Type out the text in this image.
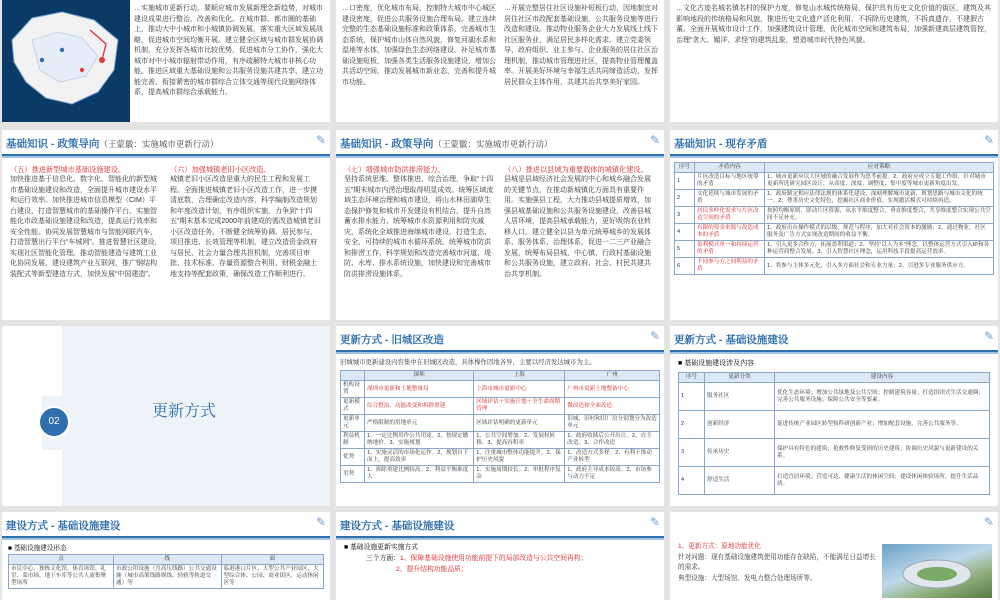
…实施城市更新行动，要顺应城市发展新理念新趋势，对城市建设成果进行整治、改善和优化。在城市群、都市圈的基础上，推动大中小城市和小城镇协调发展，落实重大区域发展战略，促进城市空间均衡开展。建立健全区域与城市群发展协调机制，充分发挥各城市比较优势，促进城市分工协作，强化大城市对中小城市辐射带动作用，有序疏解特大城市非核心功能。推进区域重大基础设施和公共服务设施共建共享，建立功能完善、衔接紧密的城市群综合立体交通等现代设施网络体系，提高城市群综合承载能力。
…口密度，优化城市布局，控制特大城市中心城区建设密度，促进公共服务设施合理布局。建立连续完整的生态基础设施标准和政策体系，完善城市生态系统，保护城市山体自然风貌，修复河湖水系和湿地等水体，加强绿色生态网络建设。补足城市基础设施短板，加强各类生活服务设施建设，增加公共活动空间，推动发展城市新业态，完善和提升城市功能。
…开展完整居住社区设施补短板行动，因地制宜对居住社区市政配套基础设施、公共服务设施等进行改造和建设。推动物业服务企业大力发展线上线下社区服务业，满足居民多样化需求。建立党委领导、政府组织、业主参与、企业服务的居住社区治理机制，推动城市管理进社区，提高物业管理覆盖率。开展美好环境与幸福生活共同缔造活动，发挥居民群众主体作用，共建共治共享美好家园。
…文化古迹名城名镇名村的保护力度，修复山水城传统格局，保护具有历史文化价值的街区、建筑及其影响地段的传统格局和风貌，推进历史文化遗产活化利用，不拆除历史建筑，不拆真遗存，不建假古董。全面开展城市设计工作，加强建筑设计管理，优化城市空间和建筑布局，加强新建高层建筑管控，治理“贪大、媚洋、求怪”的建筑乱象，塑造城市时代特色风貌。
基础知识 - 政策导向（王蒙徽：实施城市更新行动）	✎
（五）推进新型城市基础设施建设。
加快推进基于信息化、数字化、智能化的新型城市基础设施建设和改造，全面提升城市建设水平和运行效率。加快推进城市信息模型（CIM）平台建设，打造智慧城市的基础操作平台。实施智能化市政基础设施建设和改造，提高运行效率和安全性能。协同发展智慧城市与智能网联汽车，打造智慧出行平台“车城网”。推进智慧社区建设，实现社区智能化管理。推动智能建造与建筑工业化协同发展，建设建筑产业互联网，推广钢结构装配式等新型建造方式，加快发展“中国建造”。
（六）加强城镇老旧小区改造。
城镇老旧小区改造是重大的民生工程和发展工程。全面推进城镇老旧小区改造工作，进一步摸清底数，合理确定改造内容，科学编制改造规划和年度改造计划，有序组织实施，力争到“十四五”期末基本完成2000年前建成的需改造城镇老旧小区改造任务。不断健全统筹协调、居民参与、项目推进、长效管理等机制，建立改造资金政府与居民、社会力量合理共担机制，完善项目审批、技术标准、存量资源整合利用、财税金融土地支持等配套政策，确保改造工作顺利进行。
基础知识 - 政策导向（王蒙徽：实施城市更新行动）	✎
（七）增强城市防洪排涝能力。
坚持系统思维、整体推进、综合治理，争取“十四五”期末城市内涝治理取得明显成效。统筹区域流域生态环境治理和城市建设，将山水林田湖草生态保护修复和城市开发建设有机结合，提升自然蓄水排水能力。统筹城市水资源利用和防灾减灾，系统化全域推进海绵城市建设，打造生态、安全、可持续的城市水循环系统。统筹城市防洪和排涝工作，科学规划和改造完善城市河道、堤防、水库、排水系统设施，加快建设和完善城市防洪排涝设施体系。
（八）推进以县城为重要载体的城镇化建设。
县城是县域经济社会发展的中心和城乡融合发展的关键节点，在推动新城镇化方面具有重要作用。实施强县工程，大力推动县城提质增效，加强县城基础设施和公共服务设施建设，改善县城人居环境，提高县城承载能力，更好吸纳农业转移人口。建立健全以县为单元统筹城乡的发展体系、服务体系、治理体系，促进一二三产业融合发展，统筹布局县城、中心镇、行政村基础设施和公共服务设施，建立政府、社会、村民共建共治共享机制。
基础知识 - 现存矛盾	✎
序号	矛盾内容	应对策略
1	片区改造目标与地区统筹的矛盾	1、城市更新应以大区域的融合发展作为思考前提。2、政府应成立专题工作组，针对城市更新所选研究园区设计，从高度、深度、调整度、集中度等城市更新角度出发。
2	文化延续与城市发展的矛盾	1、政府制定相应法律法规的体系化建设，深刻理解城市更新，规划思路与城市文化的统一。2、尊重历史文化特色，挖掘社区商业价值，实现激活模式可持续再造。
3	居民多样化需求与片区改造空间的矛盾	按照均衡原则，联动片区资源，从水平维度整合，垂直维度整合，共享维度整合实现公共空间不足补充。
4	有限的资金来源与改造成本的矛盾	1、政府出台操作模式的层级，规范与程序，加大对社会资本的激励；2、通过物业，社区服务及广告方式实现改造期间的收益平衡。
5	盈利模式单一和持续运营的矛盾	1、引入更多合作方，拓展盈利渠道；2、坚持“以人为本”理念，以整体运营方式引入IP和各种运营商整合发展。3、引入智慧社区理念，运用科技手段提高运营效率。
6	不同参与方之间利益的矛盾	1、将参与主体多元化，引入多方面社会和专业力量；2、引进多专业服务供应方。
02
更新方式
更新方式 - 旧城区改造	✎
旧城城市更新建设内容集中在旧城区改造，具体操作因地各异，主要以经济发达城市为主。
	深圳	上海	广州
机构设置	深圳市更新和土地整备局	上海市城市更新中心	广州市更新土地整备中心
更新模式	综合整治、功能改变和拆除重建	区域评估＋实施计划＋全生命周期管理	微改造和全面改造
更新单元	严格限制的用地单元	区域评估明确的更新单元	旧城、旧村和旧厂房分别划分为改造单元
利益机制	1、一定比例用作公共用途。2、按规定缴纳地价。3、实施规划	1、公共空间增加。2、发展权转移。3、提高容积率	1、政府收储后公开出让。2、自主改造。3、合作改造
优势	1、实施灵活的市场化运作。2、规划自下而上，提高效率	1、注重城市整体功能提升。2、保护历史风貌	1、改造方式多样。2、有利于推动产业转型
劣势	1、拆除重建比例较高。2、利益平衡难度大	1、实施周期较长。2、审批程序复杂	1、政府主导成本较高。2、市场参与动力不足
更新方式 - 基础设施建设	✎
■ 基础设施建设涉及内容
序号	更新分类	建设内容
1	服务社区	优化生态环境；增加公共绿地及公共空间；控制建筑容量；打造组团式生活交通圈；完善公共服务设施；保障公共安全等要素。
2	创新经济	促进传统产业园区转型和科研创新产业；增加配套设施，完善公共服务等。
3	传承历史	保护具有特色的建筑；抢救性修复受损的历史建筑；协调历史风貌与更新建设的关系。
4	舒适生活	打造宜居环境；营造可达、健康生活的休闲空间；建设休闲体验场所，提升生活品质。
建设方式 - 基础设施建设	✎
■ 基础设施建设形态
点	线	面
市民中心、独栋文化馆、体育场馆、礼堂、菜市场、地下车库等公共人流集聚型场所	市政公用设施（含高压线路）公共交通设施（城市高架线路规线、轻轨等轨道交通）等	临港港口片区、大型公共产业园区、大型综合体、公园、商业街区、运动休闲区等
建设方式 - 基础设施建设	✎
■ 基础设施更新实施方式
三个方面：1、保障基础设施使用功能前提下的局部改造与公共空间再构；
2、提升结构功能品质；
✎
1、更新方式：原地功能优化
针对问题：现有基础设施建筑使用功能存在缺陷，不能满足日益增长的需求。
典型设施：大型场馆、发电力整合处理场所等。
